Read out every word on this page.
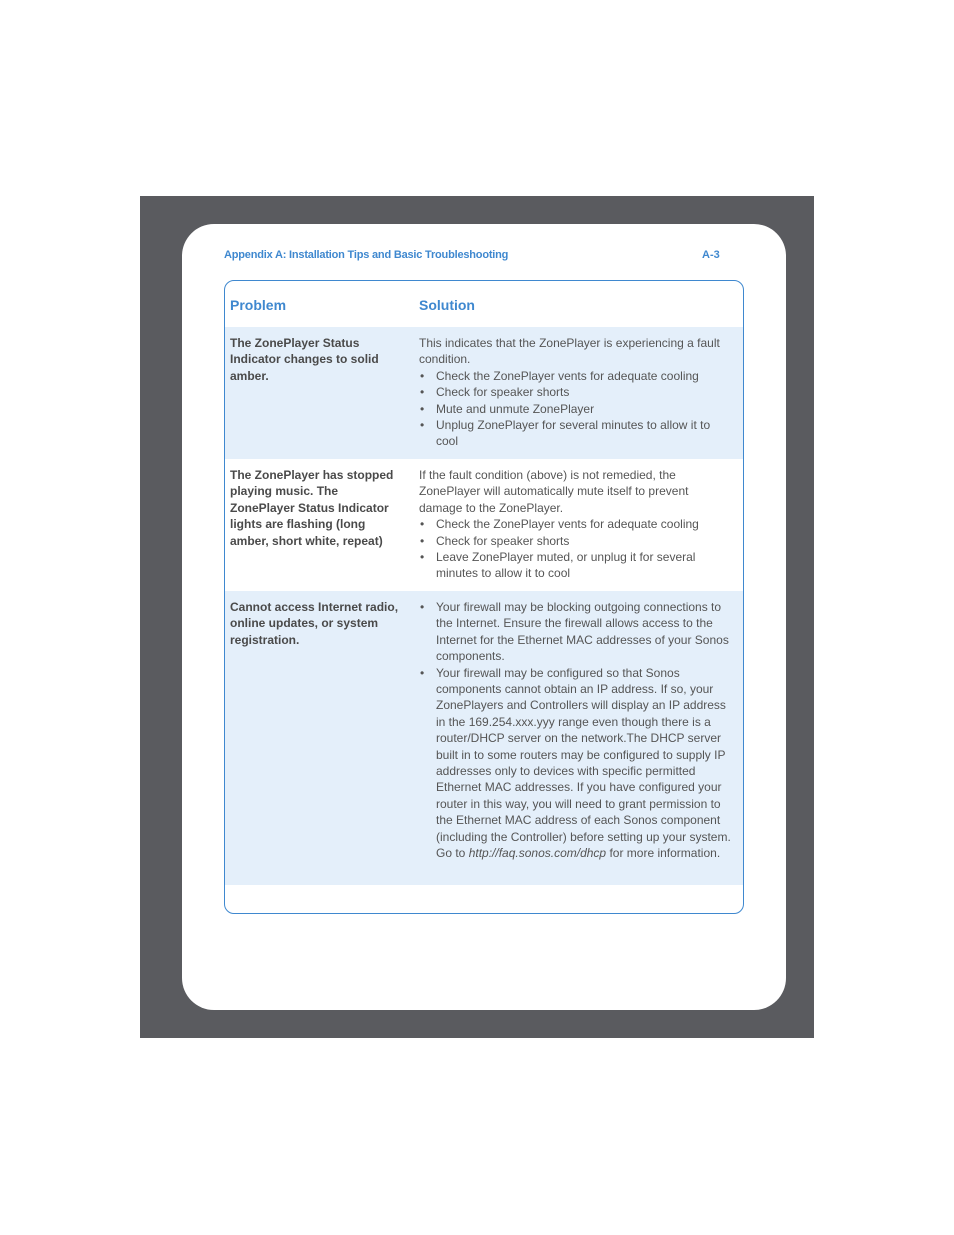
Appendix A: Installation Tips and Basic Troubleshooting	A-3
Problem	Solution
The ZonePlayer Status Indicator changes to solid amber.

This indicates that the ZonePlayer is experiencing a fault condition.

• Check the ZonePlayer vents for adequate cooling
• Check for speaker shorts
• Mute and unmute ZonePlayer
• Unplug ZonePlayer for several minutes to allow it to cool
The ZonePlayer has stopped playing music. The ZonePlayer Status Indicator lights are flashing (long amber, short white, repeat)

If the fault condition (above) is not remedied, the ZonePlayer will automatically mute itself to prevent damage to the ZonePlayer.

• Check the ZonePlayer vents for adequate cooling
• Check for speaker shorts
• Leave ZonePlayer muted, or unplug it for several minutes to allow it to cool
Cannot access Internet radio, online updates, or system registration.
• Your firewall may be blocking outgoing connections to the Internet. Ensure the firewall allows access to the Internet for the Ethernet MAC addresses of your Sonos components.
• Your firewall may be configured so that Sonos components cannot obtain an IP address. If so, your ZonePlayers and Controllers will display an IP address in the 169.254.xxx.yyy range even though there is a router/DHCP server on the network.The DHCP server built in to some routers may be configured to supply IP addresses only to devices with specific permitted Ethernet MAC addresses. If you have configured your router in this way, you will need to grant permission to the Ethernet MAC address of each Sonos component (including the Controller) before setting up your system. Go to http://faq.sonos.com/dhcp for more information.
